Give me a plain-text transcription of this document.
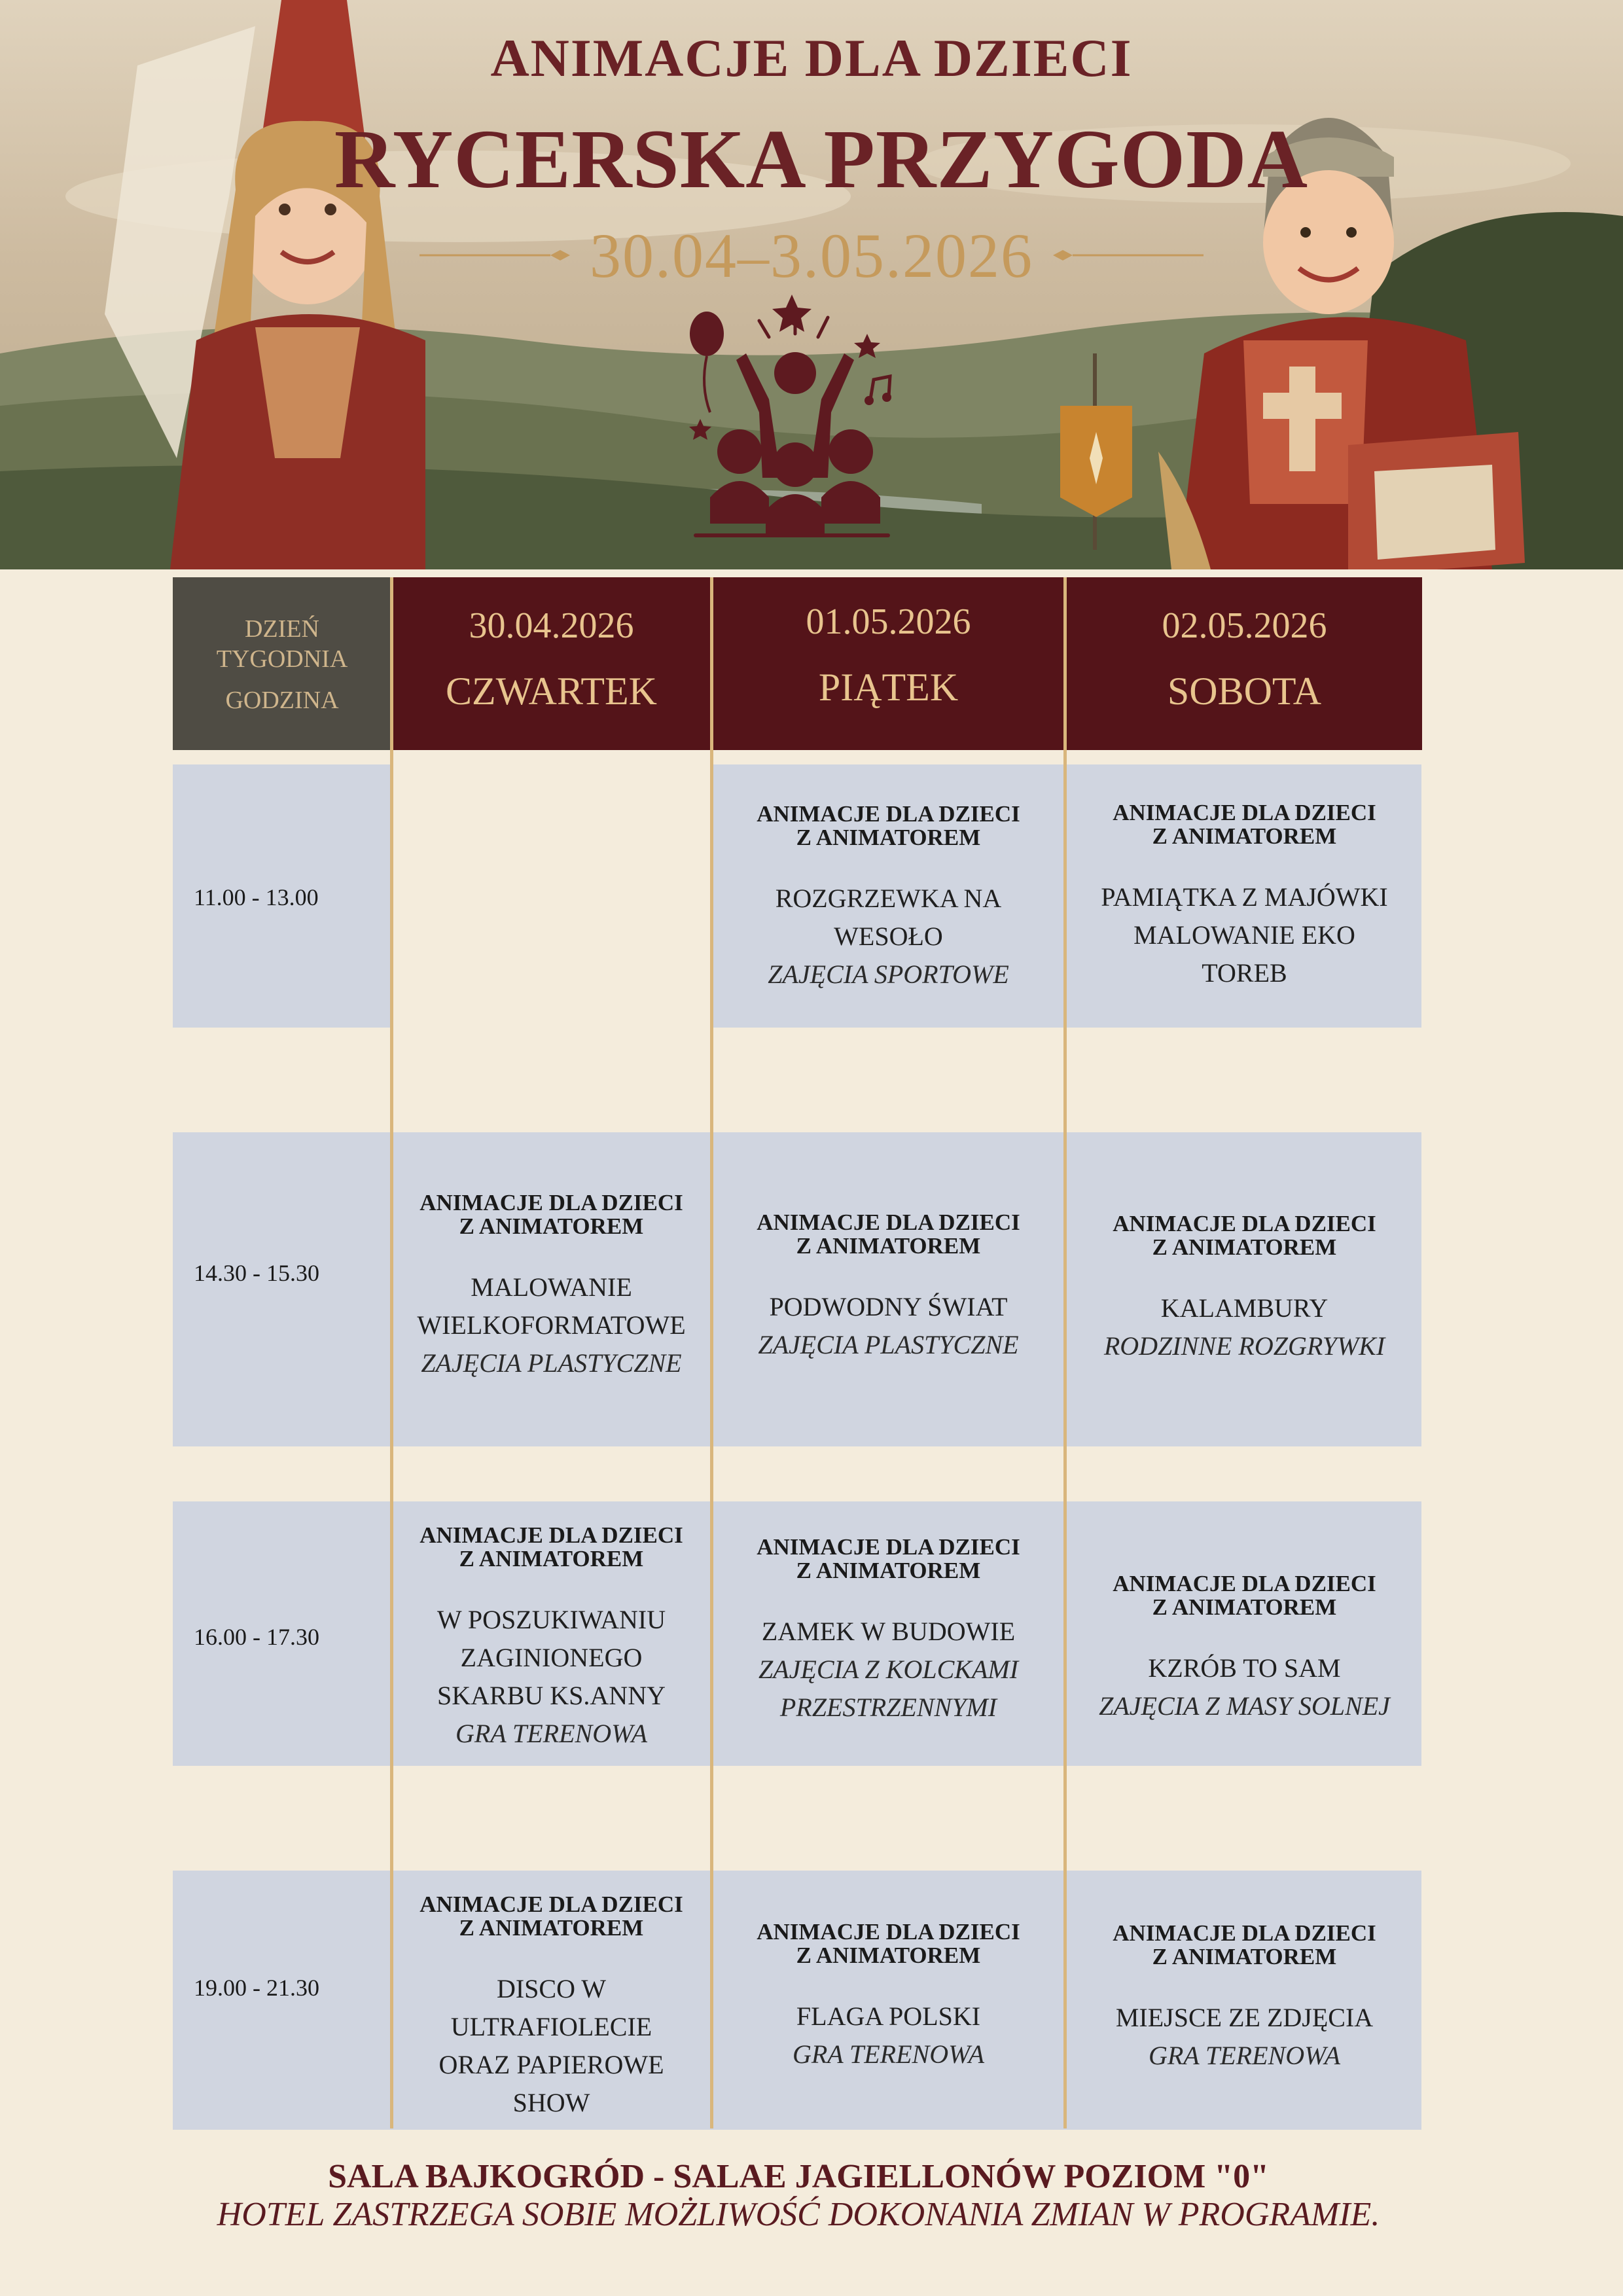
ANIMACJE DLA DZIECI
RYCERSKA PRZYGODA
30.04–3.05.2026
DZIEŃ
TYGODNIA
GODZINA
30.04.2026
CZWARTEK
01.05.2026
PIĄTEK
02.05.2026
SOBOTA
11.00 - 13.00
14.30 - 15.30
16.00 - 17.30
19.00 - 21.30
ANIMACJE DLA DZIECI
Z ANIMATOREM
ROZGRZEWKA NA
WESOŁO
ZAJĘCIA SPORTOWE
ANIMACJE DLA DZIECI
Z ANIMATOREM
PAMIĄTKA Z MAJÓWKI
MALOWANIE EKO
TOREB
ANIMACJE DLA DZIECI
Z ANIMATOREM
MALOWANIE
WIELKOFORMATOWE
ZAJĘCIA PLASTYCZNE
ANIMACJE DLA DZIECI
Z ANIMATOREM
PODWODNY ŚWIAT
ZAJĘCIA PLASTYCZNE
ANIMACJE DLA DZIECI
Z ANIMATOREM
KALAMBURY
RODZINNE ROZGRYWKI
ANIMACJE DLA DZIECI
Z ANIMATOREM
W POSZUKIWANIU
ZAGINIONEGO
SKARBU KS.ANNY
GRA TERENOWA
ANIMACJE DLA DZIECI
Z ANIMATOREM
ZAMEK W BUDOWIE
ZAJĘCIA Z KOLCKAMI
PRZESTRZENNYMI
ANIMACJE DLA DZIECI
Z ANIMATOREM
KZRÓB TO SAM
ZAJĘCIA Z MASY SOLNEJ
ANIMACJE DLA DZIECI
Z ANIMATOREM
DISCO W
ULTRAFIOLECIE
ORAZ PAPIEROWE
SHOW
ANIMACJE DLA DZIECI
Z ANIMATOREM
FLAGA POLSKI
GRA TERENOWA
ANIMACJE DLA DZIECI
Z ANIMATOREM
MIEJSCE ZE ZDJĘCIA
GRA TERENOWA
SALA BAJKOGRÓD - SALAE JAGIELLONÓW POZIOM "0"
HOTEL ZASTRZEGA SOBIE MOŻLIWOŚĆ DOKONANIA ZMIAN W PROGRAMIE.
